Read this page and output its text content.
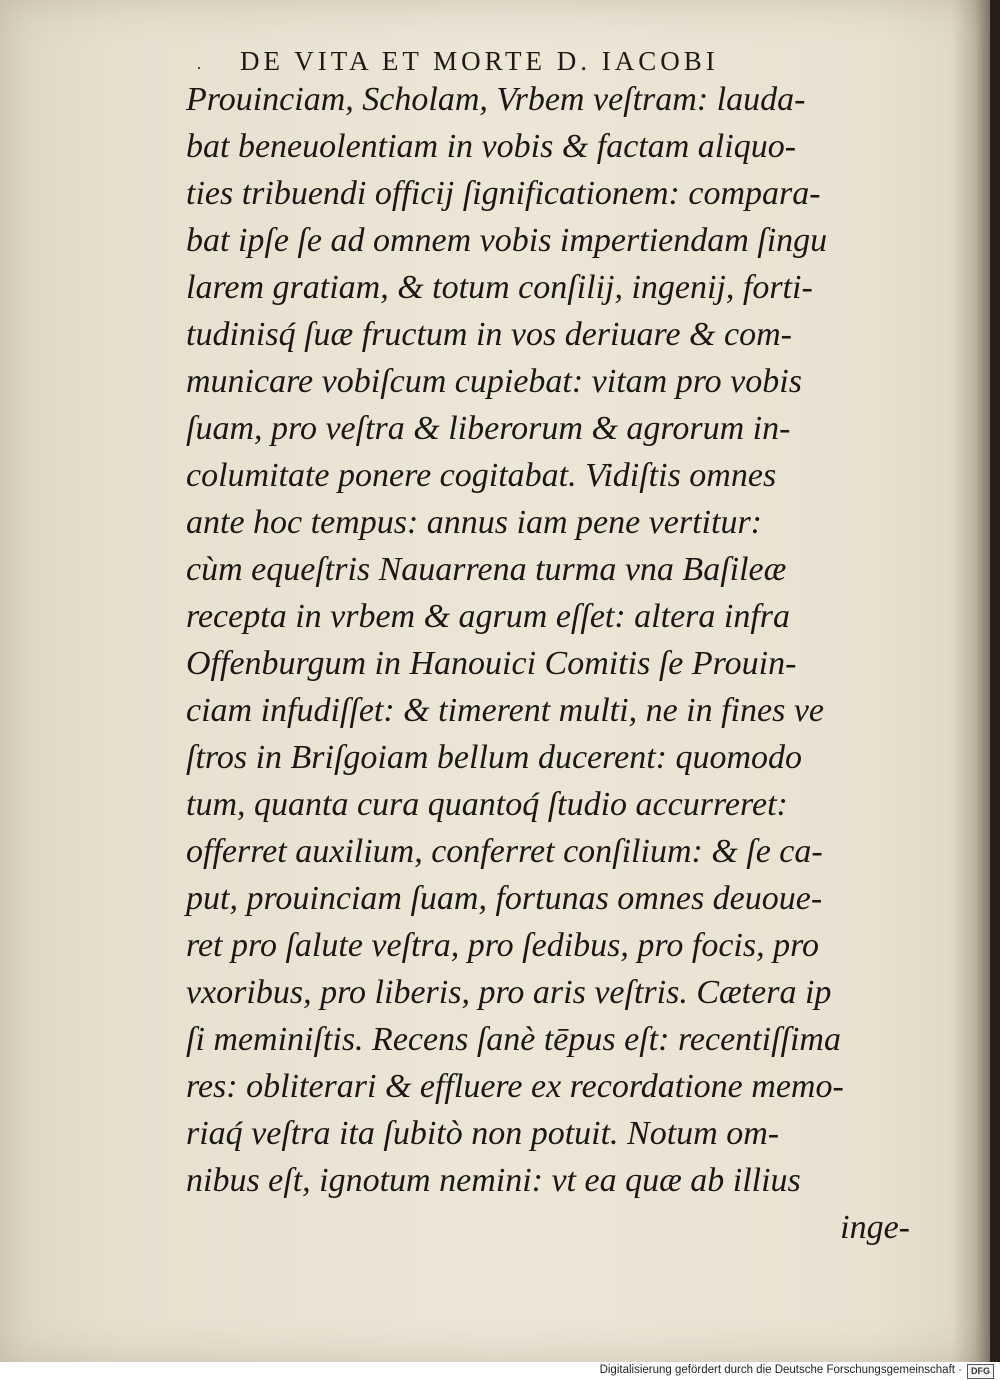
· DE VITA ET MORTE D. IACOBI

Prouinciam, Scholam, Vrbem veſtram: lauda-

bat beneuolentiam in vobis & factam aliquo-

ties tribuendi officij ſignificationem: compara-

bat ipſe ſe ad omnem vobis impertiendam ſingu

larem gratiam, & totum conſilij, ingenij, forti-

tudinisq́ ſuæ fructum in vos deriuare & com-

municare vobiſcum cupiebat: vitam pro vobis

ſuam, pro veſtra & liberorum & agrorum in-

columitate ponere cogitabat. Vidiſtis omnes

ante hoc tempus: annus iam pene vertitur:

cùm equeſtris Nauarrena turma vna Baſileæ

recepta in vrbem & agrum eſſet: altera infra

Offenburgum in Hanouici Comitis ſe Prouin-

ciam infudiſſet: & timerent multi, ne in fines ve

ſtros in Briſgoiam bellum ducerent: quomodo

tum, quanta cura quantoq́ ſtudio accurreret:

offerret auxilium, conferret conſilium: & ſe ca-

put, prouinciam ſuam, fortunas omnes deuoue-

ret pro ſalute veſtra, pro ſedibus, pro focis, pro

vxoribus, pro liberis, pro aris veſtris. Cætera ip

ſi meminiſtis. Recens ſanè tēpus eſt: recentiſſima

res: obliterari & effluere ex recordatione memo-

riaq́ veſtra ita ſubitò non potuit. Notum om-

nibus eſt, ignotum nemini: vt ea quæ ab illius

inge-

Digitalisierung gefördert durch die Deutsche Forschungsgemeinschaft ·	DFG
